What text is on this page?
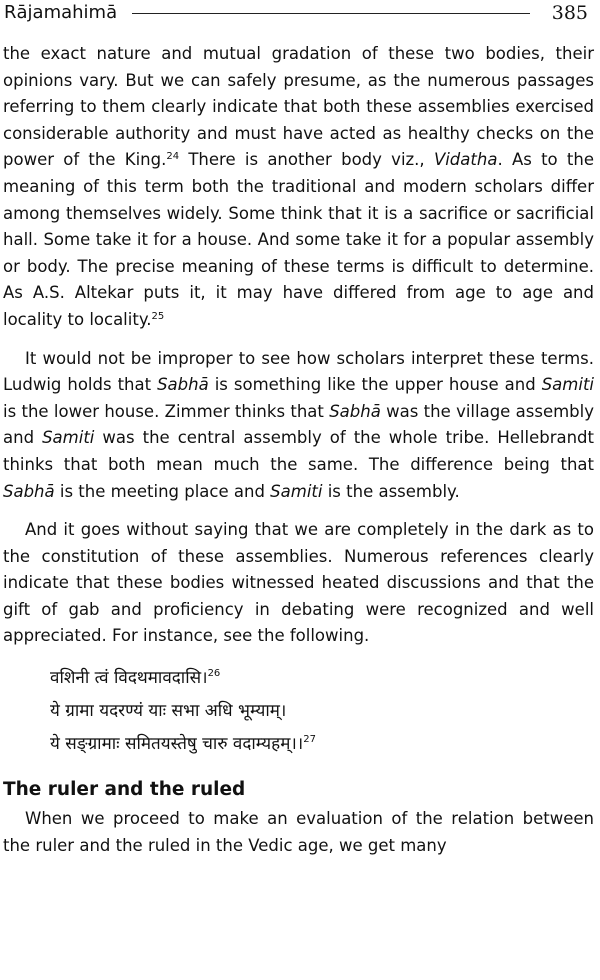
Rājamahimā	385

the exact nature and mutual gradation of these two bodies, their opinions vary. But we can safely presume, as the numerous passages referring to them clearly indicate that both these assemblies exercised considerable authority and must have acted as healthy checks on the power of the King.$^{24}$ There is another body viz., Vidatha. As to the meaning of this term both the traditional and modern scholars differ among themselves widely. Some think that it is a sacrifice or sacrificial hall. Some take it for a house. And some take it for a popular assembly or body. The precise meaning of these terms is difficult to determine. As A.S. Altekar puts it, it may have differed from age to age and locality to locality.$^{25}$

It would not be improper to see how scholars interpret these terms. Ludwig holds that Sabhā is something like the upper house and Samiti is the lower house. Zimmer thinks that Sabhā was the village assembly and Samiti was the central assembly of the whole tribe. Hellebrandt thinks that both mean much the same. The difference being that Sabhā is the meeting place and Samiti is the assembly.

And it goes without saying that we are completely in the dark as to the constitution of these assemblies. Numerous references clearly indicate that these bodies witnessed heated discussions and that the gift of gab and proficiency in debating were recognized and well appreciated. For instance, see the following.

वशिनी त्वं विदथमावदासि।$^{26}$

ये ग्रामा यदरण्यं याः सभा अधि भूम्याम्।

ये सङ्ग्रामाः समितयस्तेषु चारु वदाम्यहम्।।$^{27}$

The ruler and the ruled

When we proceed to make an evaluation of the relation between the ruler and the ruled in the Vedic age, we get many
